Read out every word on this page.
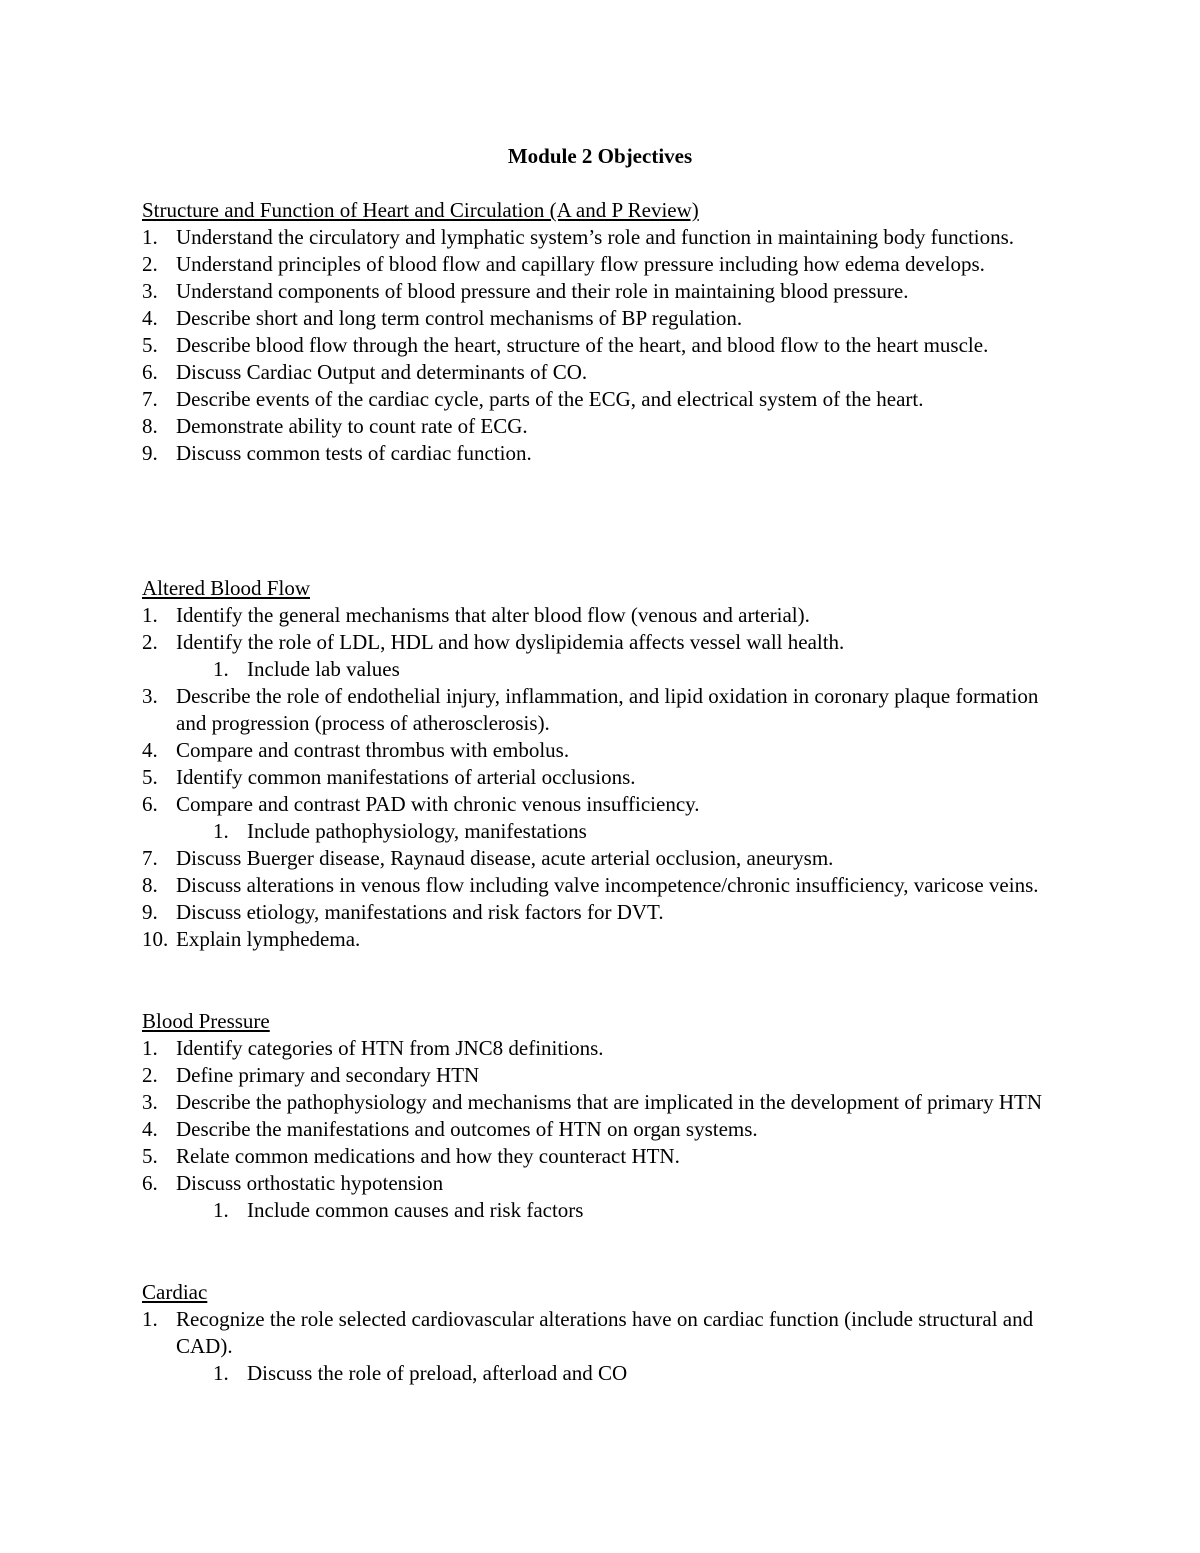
Module 2 Objectives

Structure and Function of Heart and Circulation (A and P Review)

1. Understand the circulatory and lymphatic system’s role and function in maintaining body functions.
2. Understand principles of blood flow and capillary flow pressure including how edema develops.
3. Understand components of blood pressure and their role in maintaining blood pressure.
4. Describe short and long term control mechanisms of BP regulation.
5. Describe blood flow through the heart, structure of the heart, and blood flow to the heart muscle.
6. Discuss Cardiac Output and determinants of CO.
7. Describe events of the cardiac cycle, parts of the ECG, and electrical system of the heart.
8. Demonstrate ability to count rate of ECG.
9. Discuss common tests of cardiac function.

Altered Blood Flow

1. Identify the general mechanisms that alter blood flow (venous and arterial).
2. Identify the role of LDL, HDL and how dyslipidemia affects vessel wall health.
1. Include lab values
3. Describe the role of endothelial injury, inflammation, and lipid oxidation in coronary plaque formation and progression (process of atherosclerosis).
4. Compare and contrast thrombus with embolus.
5. Identify common manifestations of arterial occlusions.
6. Compare and contrast PAD with chronic venous insufficiency.
1. Include pathophysiology, manifestations
7. Discuss Buerger disease, Raynaud disease, acute arterial occlusion, aneurysm.
8. Discuss alterations in venous flow including valve incompetence/chronic insufficiency, varicose veins.
9. Discuss etiology, manifestations and risk factors for DVT.
10. Explain lymphedema.

Blood Pressure

1. Identify categories of HTN from JNC8 definitions.
2. Define primary and secondary HTN
3. Describe the pathophysiology and mechanisms that are implicated in the development of primary HTN
4. Describe the manifestations and outcomes of HTN on organ systems.
5. Relate common medications and how they counteract HTN.
6. Discuss orthostatic hypotension
1. Include common causes and risk factors

Cardiac

1. Recognize the role selected cardiovascular alterations have on cardiac function (include structural and CAD).
1. Discuss the role of preload, afterload and CO
